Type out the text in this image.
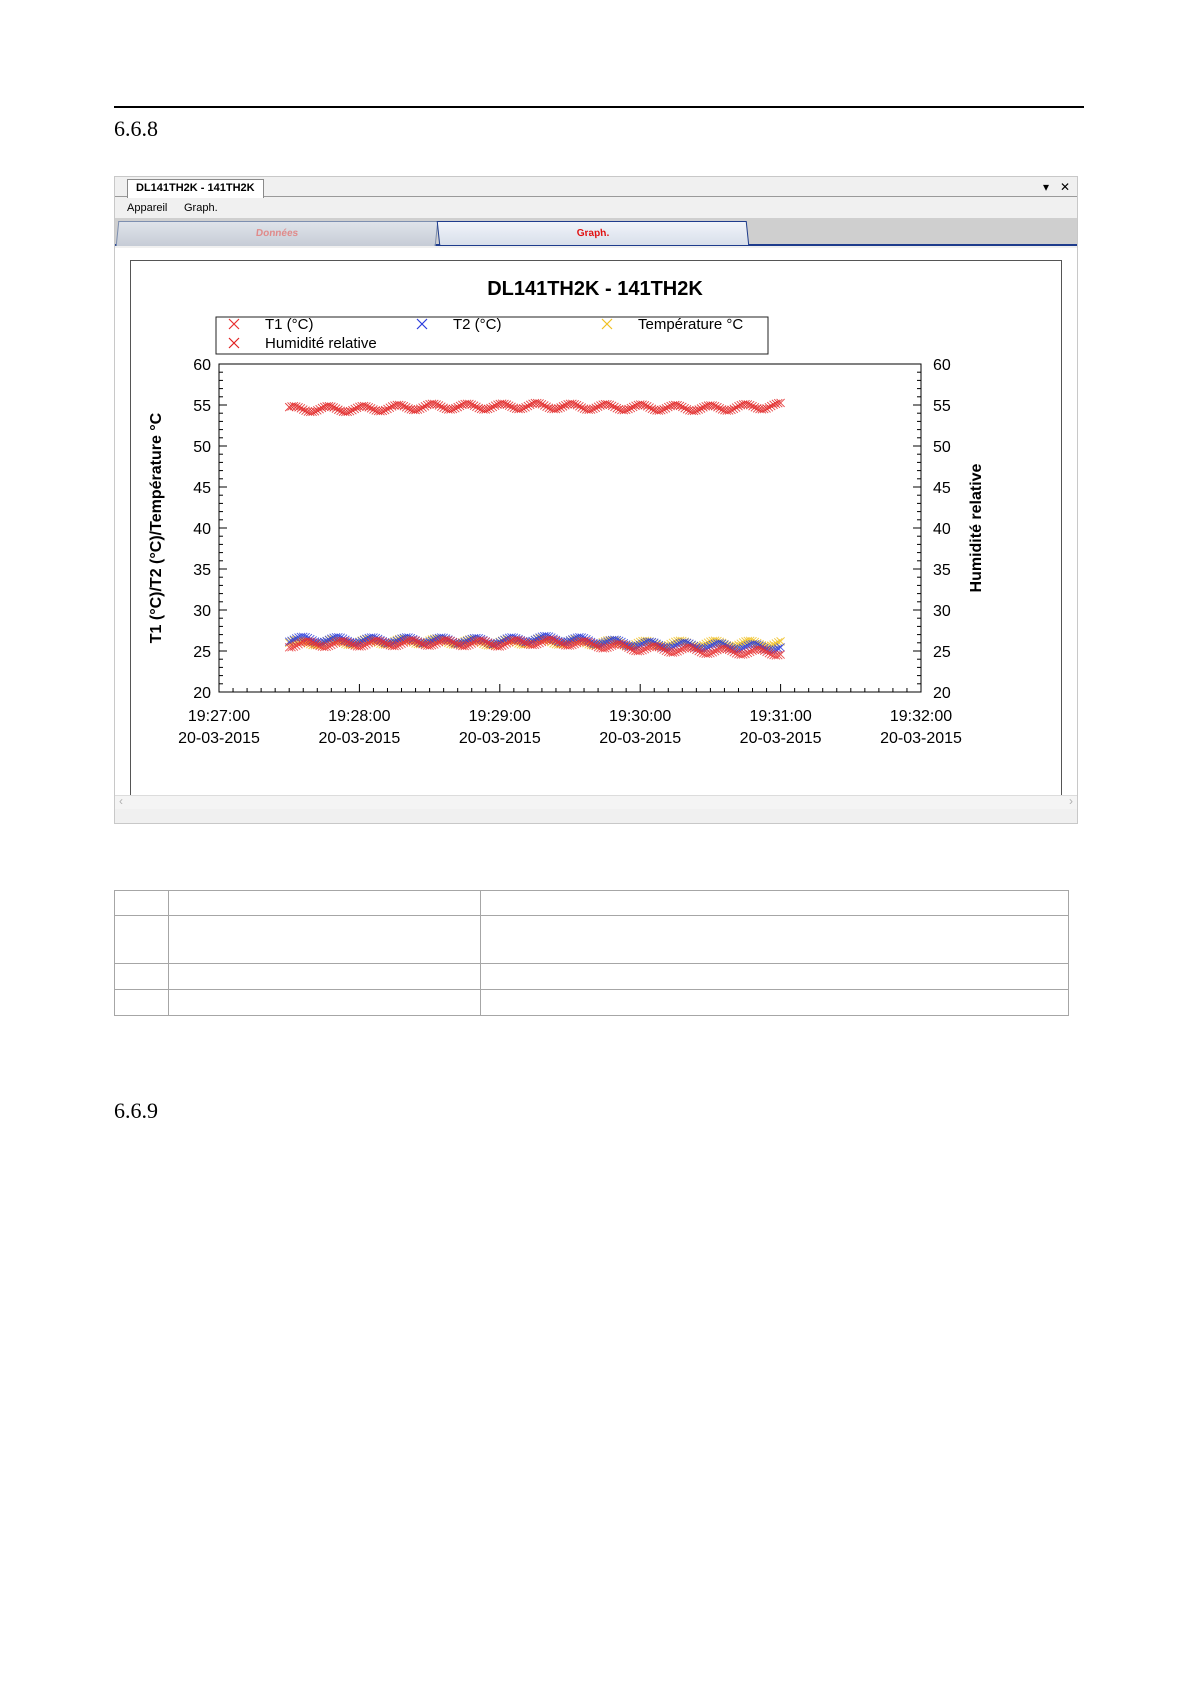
6.6.8
DL141TH2K - 141TH2K	▾ ✕
Appareil Graph.
Données	Graph.
DL141TH2K - 141TH2K
T1 (°C)	T2 (°C)	Température °C
Humidité relative
20	20
25	25
30	30
35	35
40	40
45	45
50	50
55	55
60	60
19:27:00
20-03-2015
19:28:00
20-03-2015
19:29:00
20-03-2015
19:30:00
20-03-2015
19:31:00
20-03-2015
19:32:00
20-03-2015
T1 (°C)/T2 (°C)/Température °C	Humidité relative
‹	›

6.6.9
